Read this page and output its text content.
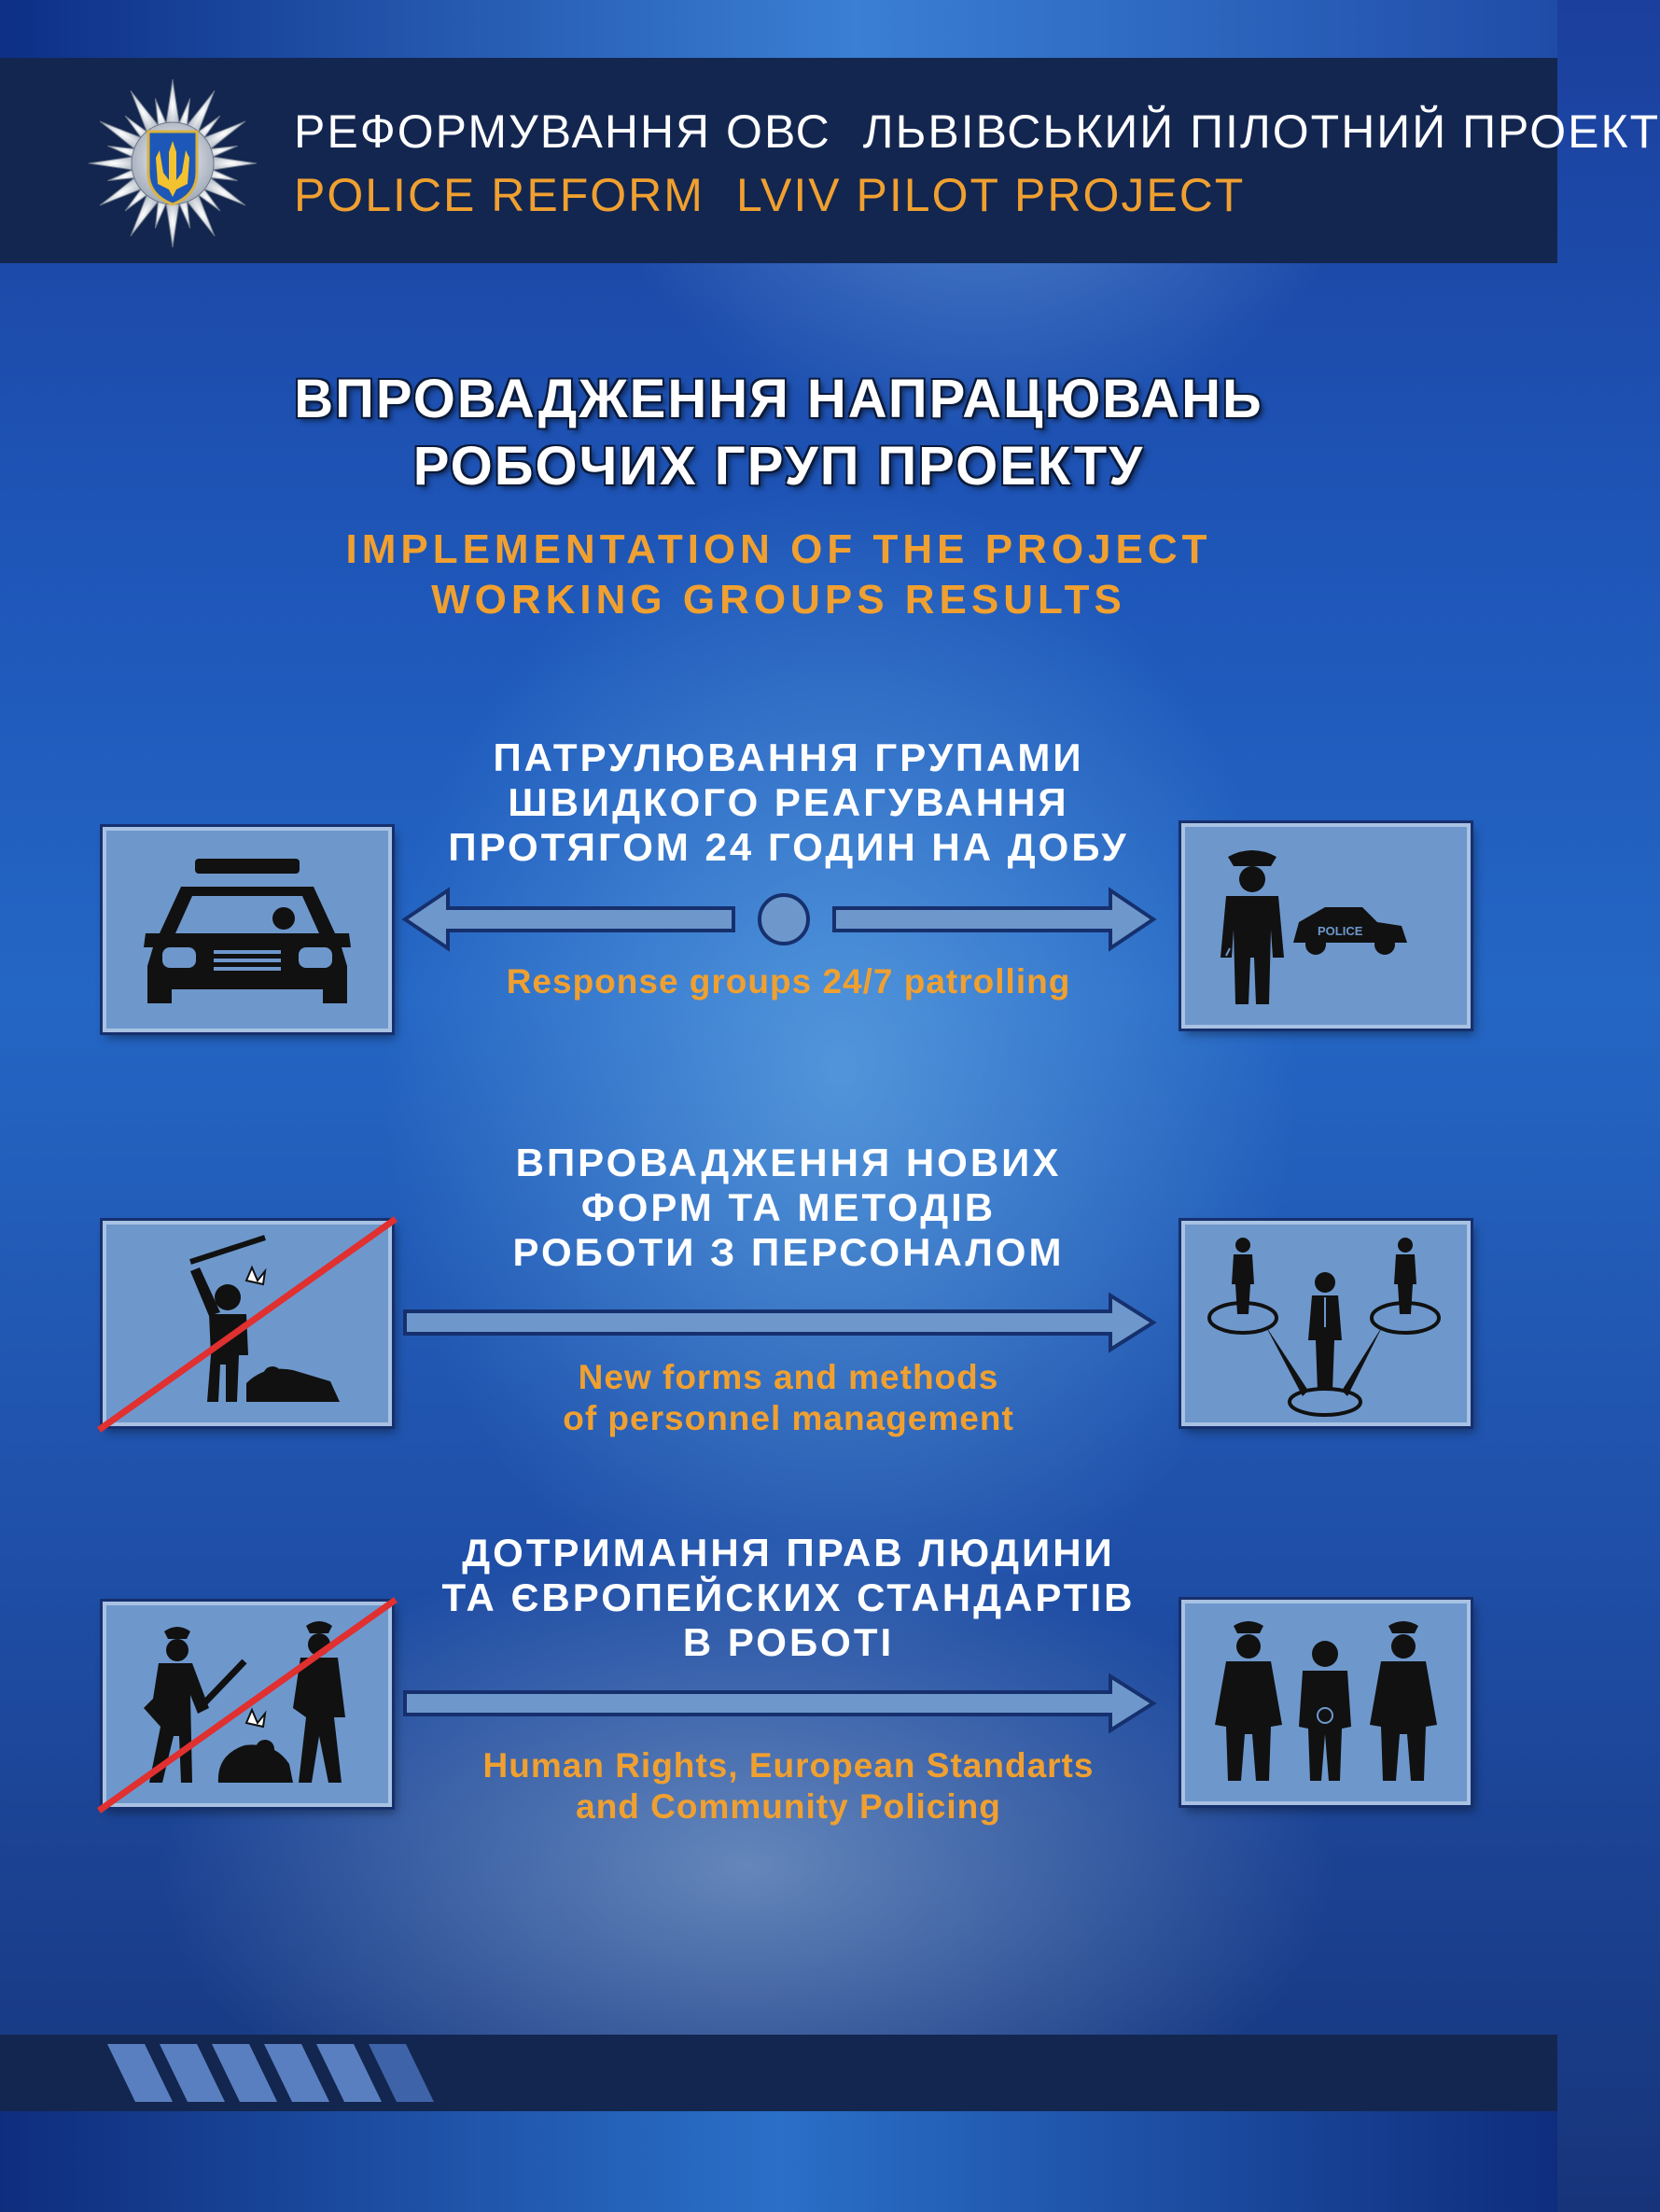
РЕФОРМУВАННЯ ОВС ЛЬВІВСЬКИЙ ПІЛОТНИЙ ПРОЕКТ
POLICE REFORM LVIV PILOT PROJECT
ВПРОВАДЖЕННЯ НАПРАЦЮВАНЬ
РОБОЧИХ ГРУП ПРОЕКТУ
IMPLEMENTATION OF THE PROJECT
WORKING GROUPS RESULTS
ПАТРУЛЮВАННЯ ГРУПАМИ
ШВИДКОГО РЕАГУВАННЯ
ПРОТЯГОМ 24 ГОДИН НА ДОБУ
Response groups 24/7 patrolling
POLICE
ВПРОВАДЖЕННЯ НОВИХ
ФОРМ ТА МЕТОДІВ
РОБОТИ З ПЕРСОНАЛОМ
New forms and methods
of personnel management
ДОТРИМАННЯ ПРАВ ЛЮДИНИ
ТА ЄВРОПЕЙСКИХ СТАНДАРТІВ
В РОБОТІ
Human Rights, European Standarts
and Community Policing
